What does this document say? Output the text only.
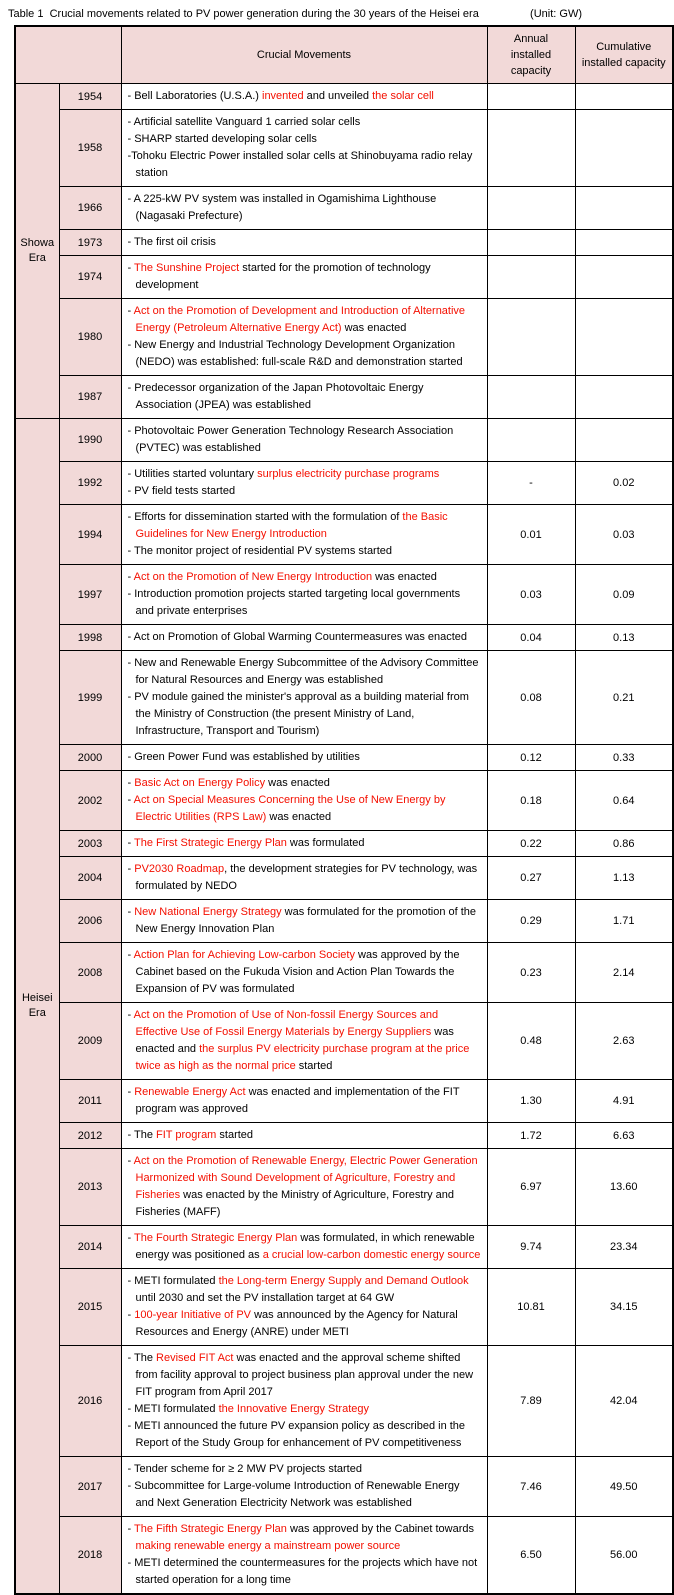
Table 1  Crucial movements related to PV power generation during the 30 years of the Heisei era	(Unit: GW)
		Crucial Movements	Annual installed capacity	Cumulative installed capacity
Showa Era	1954	- Bell Laboratories (U.S.A.) invented and unveiled the solar cell		

	1958	- Artificial satellite Vanguard 1 carried solar cells
- SHARP started developing solar cells
-Tohoku Electric Power installed solar cells at Shinobuyama radio relay station		

	1966	- A 225-kW PV system was installed in Ogamishima Lighthouse (Nagasaki Prefecture)		

	1973	- The first oil crisis		

	1974	- The Sunshine Project started for the promotion of technology development		

	1980	- Act on the Promotion of Development and Introduction of Alternative Energy (Petroleum Alternative Energy Act) was enacted
- New Energy and Industrial Technology Development Organization (NEDO) was established: full-scale R&D and demonstration started		

	1987	- Predecessor organization of the Japan Photovoltaic Energy Association (JPEA) was established		

Heisei Era	1990	- Photovoltaic Power Generation Technology Research Association (PVTEC) was established		

	1992	- Utilities started voluntary surplus electricity purchase programs
- PV field tests started	-	0.02
	1994	- Efforts for dissemination started with the formulation of the Basic Guidelines for New Energy Introduction
- The monitor project of residential PV systems started	0.01	0.03
	1997	- Act on the Promotion of New Energy Introduction was enacted
- Introduction promotion projects started targeting local governments and private enterprises	0.03	0.09
	1998	- Act on Promotion of Global Warming Countermeasures was enacted	0.04	0.13
	1999	- New and Renewable Energy Subcommittee of the Advisory Committee for Natural Resources and Energy was established
- PV module gained the minister's approval as a building material from the Ministry of Construction (the present Ministry of Land, Infrastructure, Transport and Tourism)	0.08	0.21
	2000	- Green Power Fund was established by utilities	0.12	0.33
	2002	- Basic Act on Energy Policy was enacted
- Act on Special Measures Concerning the Use of New Energy by Electric Utilities (RPS Law) was enacted	0.18	0.64
	2003	- The First Strategic Energy Plan was formulated	0.22	0.86
	2004	- PV2030 Roadmap, the development strategies for PV technology, was formulated by NEDO	0.27	1.13
	2006	- New National Energy Strategy was formulated for the promotion of the New Energy Innovation Plan	0.29	1.71
	2008	- Action Plan for Achieving Low-carbon Society was approved by the Cabinet based on the Fukuda Vision and Action Plan Towards the Expansion of PV was formulated	0.23	2.14
	2009	- Act on the Promotion of Use of Non-fossil Energy Sources and Effective Use of Fossil Energy Materials by Energy Suppliers was enacted and the surplus PV electricity purchase program at the price twice as high as the normal price started	0.48	2.63
	2011	- Renewable Energy Act was enacted and implementation of the FIT program was approved	1.30	4.91
	2012	- The FIT program started	1.72	6.63
	2013	- Act on the Promotion of Renewable Energy, Electric Power Generation Harmonized with Sound Development of Agriculture, Forestry and Fisheries was enacted by the Ministry of Agriculture, Forestry and Fisheries (MAFF)	6.97	13.60
	2014	- The Fourth Strategic Energy Plan was formulated, in which renewable energy was positioned as a crucial low-carbon domestic energy source	9.74	23.34
	2015	- METI formulated the Long-term Energy Supply and Demand Outlook until 2030 and set the PV installation target at 64 GW
- 100-year Initiative of PV was announced by the Agency for Natural Resources and Energy (ANRE) under METI	10.81	34.15
	2016	- The Revised FIT Act was enacted and the approval scheme shifted from facility approval to project business plan approval under the new FIT program from April 2017
- METI formulated the Innovative Energy Strategy
- METI announced the future PV expansion policy as described in the Report of the Study Group for enhancement of PV competitiveness	7.89	42.04
	2017	- Tender scheme for ≥ 2 MW PV projects started
- Subcommittee for Large-volume Introduction of Renewable Energy and Next Generation Electricity Network was established	7.46	49.50
	2018	- The Fifth Strategic Energy Plan was approved by the Cabinet towards making renewable energy a mainstream power source
- METI determined the countermeasures for the projects which have not started operation for a long time	6.50	56.00
